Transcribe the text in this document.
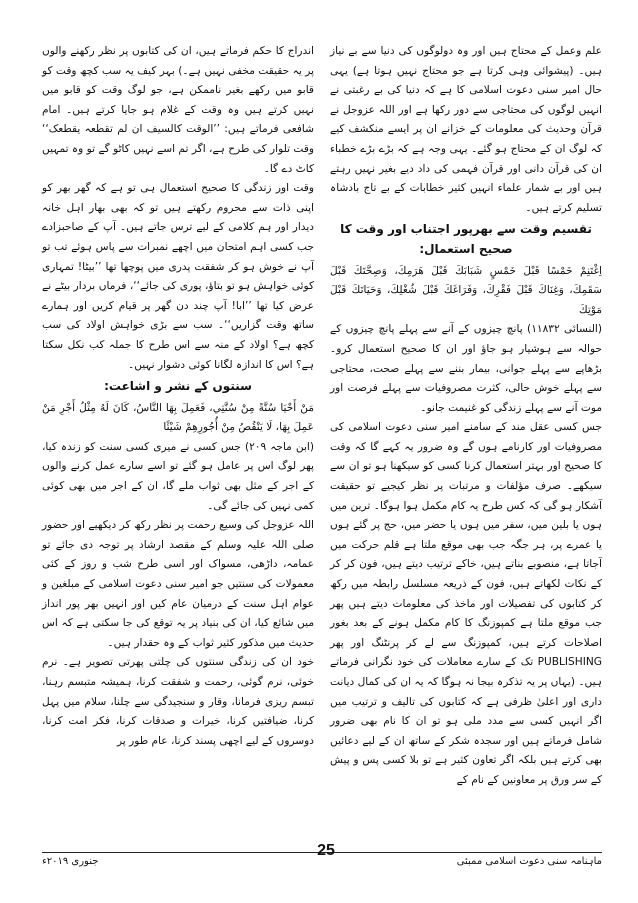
علم وعمل کے محتاج ہیں اور وہ دولوگوں کی دنیا سے بے نیاز ہیں۔ (پیشوائی وہی کرتا ہے جو محتاج نہیں ہوتا ہے) یہی حال امیر سنی دعوت اسلامی کا ہے کہ دنیا کی بے رغبتی نے انہیں لوگوں کی محتاجی سے دور رکھا ہے اور اللہ عزوجل نے قرآن وحدیث کی معلومات کے خزانے ان پر ایسے منکشف کیے کہ لوگ ان کے محتاج ہو گئے۔ یہی وجہ ہے کہ بڑے بڑے خطباء ان کی قرآن دانی اور قرآن فہمی کی داد دیے بغیر نہیں رہتے ہیں اور بے شمار علماء انہیں کثیر خطابات کے بے تاج بادشاہ تسلیم کرتے ہیں۔

تقسیم وقت سے بھرپور اجتناب اور وقت کا صحیح استعمال:

اِغْتَنِمْ خَمْسًا قَبْلَ خَمْسٍ شَبَابَكَ قَبْلَ هَرَمِكَ، وَصِحَّتَكَ قَبْلَ سَقَمِكَ، وَغِنَاكَ قَبْلَ فَقْرِكَ، وَفَرَاغَكَ قَبْلَ شُغْلِكَ، وَحَيَاتَكَ قَبْلَ مَوْتِكَ

(النسائی ۱۱۸۳۲) پانچ چیزوں کے آنے سے پہلے پانچ چیزوں کے حوالہ سے ہوشیار ہو جاؤ اور ان کا صحیح استعمال کرو۔ بڑھاپے سے پہلے جوانی، بیمار بننے سے پہلے صحت، محتاجی سے پہلے خوش حالی، کثرت مصروفیات سے پہلے فرصت اور موت آنے سے پہلے زندگی کو غنیمت جانو۔

جس کسی عقل مند کے سامنے امیر سنی دعوت اسلامی کی مصروفیات اور کارنامے ہوں گے وہ ضرور یہ کہے گا کہ وقت کا صحیح اور بہتر استعمال کرنا کسی کو سیکھنا ہو تو ان سے سیکھے۔ صرف مؤلفات و مرتبات پر نظر کیجیے تو حقیقت آشکار ہو گی کہ کس طرح یہ کام مکمل ہوا ہوگا۔ ترین میں ہوں یا بلین میں، سفر میں ہوں یا حضر میں، حج پر گئے ہوں یا عمرے پر، ہر جگہ جب بھی موقع ملتا ہے قلم حرکت میں آجاتا ہے، منصوبے بناتے ہیں، خاکے ترتیب دیتے ہیں، فون کر کر کے نکات لکھاتے ہیں، فون کے ذریعہ مسلسل رابطہ میں رکھ کر کتابوں کی تفصیلات اور ماخذ کی معلومات دیتے ہیں پھر جب موقع ملتا ہے کمپوزنگ کا کام مکمل ہونے کے بعد بغور اصلاحات کرتے ہیں، کمپوزنگ سے لے کر پرنٹنگ اور پھر PUBLISHING تک کے سارے معاملات کی خود نگرانی فرماتے ہیں۔ (یہاں پر یہ تذکرہ بیجا نہ ہوگا کہ یہ ان کی کمال دیانت داری اور اعلیٰ ظرفی ہے کہ کتابوں کی تالیف و ترتیب میں اگر انہیں کسی سے مدد ملی ہو تو ان کا نام بھی ضرور شامل فرماتے ہیں اور سجدہ شکر کے ساتھ ان کے لیے دعائیں بھی کرتے ہیں بلکہ اگر تعاون کثیر ہے تو بلا کسی پس و پیش کے سر ورق پر معاونین کے نام کے

اندراج کا حکم فرماتے ہیں، ان کی کتابوں پر نظر رکھنے والوں پر یہ حقیقت مخفی نہیں ہے۔) بہر کیف یہ سب کچھ وقت کو قابو میں رکھے بغیر ناممکن ہے، جو لوگ وقت کو قابو میں نہیں کرتے ہیں وہ وقت کے غلام ہو جایا کرتے ہیں۔ امام شافعی فرماتے ہیں: ’’الوقت کالسیف ان لم تقطعہ یقطعک‘‘ وقت تلوار کی طرح ہے، اگر تم اسے نہیں کاٹو گے تو وہ تمہیں کاٹ دے گا۔

وقت اور زندگی کا صحیح استعمال ہی تو ہے کہ گھر بھر کو اپنی ذات سے محروم رکھتے ہیں تو کہ بھی بھار اہل خانہ دیدار اور ہم کلامی کے لیے ترس جاتے ہیں۔ آپ کے صاحبزادے جب کسی اہم امتحان میں اچھے نمبرات سے پاس ہوئے تب تو آپ نے خوش ہو کر شفقت پدری میں پوچھا تھا ’’بیٹا! تمہاری کوئی خواہش ہو تو بتاؤ، پوری کی جائے‘‘، فرماں بردار بیٹے نے عرض کیا تھا ’’ابا! آپ چند دن گھر پر قیام کریں اور ہمارے ساتھ وقت گزاریں‘‘۔ سب سے بڑی خواہش اولاد کی سب کچھ ہے؟ اولاد کے منہ سے اس طرح کا جملہ کب نکل سکتا ہے؟ اس کا اندازہ لگانا کوئی دشوار نہیں۔

سنتوں کے نشر و اشاعت:

مَنْ أَحْيَا سُنَّةً مِنْ سُنَّتِي، فَعَمِلَ بِهَا النَّاسُ، كَانَ لَهُ مِثْلُ أَجْرِ مَنْ عَمِلَ بِهَا، لَا يَنْقُصُ مِنْ أُجُورِهِمْ شَيْئًا

(ابن ماجہ ۲۰۹) جس کسی نے میری کسی سنت کو زندہ کیا، پھر لوگ اس پر عامل ہو گئے تو اسے سارے عمل کرنے والوں کے اجر کے مثل بھی ثواب ملے گا، ان کے اجر میں بھی کوئی کمی نہیں کی جائے گی۔

اللہ عزوجل کی وسیع رحمت پر نظر رکھ کر دیکھیے اور حضور صلی اللہ علیہ وسلم کے مقصد ارشاد پر توجہ دی جائے تو عمامہ، داڑھی، مسواک اور اسی طرح شب و روز کے کئی معمولات کی سنتیں جو امیر سنی دعوت اسلامی کے مبلغین و عوام اہل سنت کے درمیان عام کیں اور انہیں بھر پور انداز میں شائع کیا، ان کی بنیاد پر یہ توقع کی جا سکتی ہے کہ اس حدیث میں مذکور کثیر ثواب کے وہ حقدار ہیں۔

خود ان کی زندگی سنتوں کی چلتی پھرتی تصویر ہے۔ نرم خوئی، نرم گوئی، رحمت و شفقت کرنا، ہمیشہ متبسم رہنا، تبسم ریزی فرمانا، وقار و سنجیدگی سے چلنا، سلام میں پہل کرنا، ضیافتیں کرنا، خیرات و صدقات کرنا، فکر امت کرنا، دوسروں کے لیے اچھی پسند کرنا، عام طور پر

25
ماہنامہ سنی دعوت اسلامی ممبئی
جنوری ۲۰۱۹ء
